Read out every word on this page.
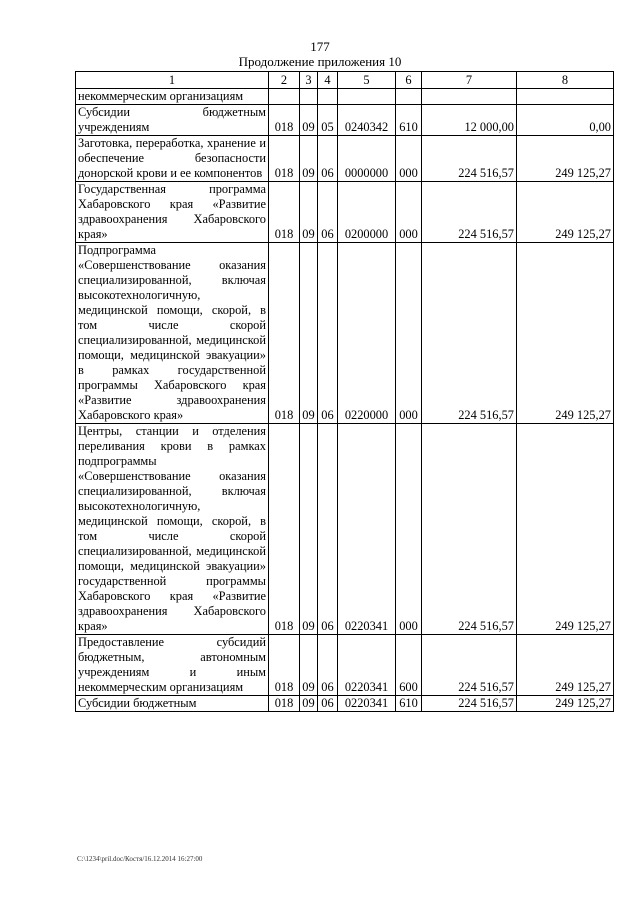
177
Продолжение приложения 10
1	2	3	4	5	6	7	8
некоммерческим организациям							
Субсидии бюджетным учреждениям	018	09	05	0240342	610	12 000,00	0,00
Заготовка, переработка, хранение и обеспечение безопасности донорской крови и ее компонентов	018	09	06	0000000	000	224 516,57	249 125,27
Государственная программа Хабаровского края «Развитие здравоохранения Хабаровского края»	018	09	06	0200000	000	224 516,57	249 125,27
Подпрограмма «Совершенствование оказания специализированной, включая высокотехнологичную, медицинской помощи, скорой, в том числе скорой специализированной, медицинской помощи, медицинской эвакуации» в рамках государственной программы Хабаровского края «Развитие здравоохранения Хабаровского края»	018	09	06	0220000	000	224 516,57	249 125,27
Центры, станции и отделения переливания крови в рамках подпрограммы «Совершенствование оказания специализированной, включая высокотехнологичную, медицинской помощи, скорой, в том числе скорой специализированной, медицинской помощи, медицинской эвакуации» государственной программы Хабаровского края «Развитие здравоохранения Хабаровского края»	018	09	06	0220341	000	224 516,57	249 125,27
Предоставление субсидий бюджетным, автономным учреждениям и иным некоммерческим организациям	018	09	06	0220341	600	224 516,57	249 125,27
Субсидии бюджетным	018	09	06	0220341	610	224 516,57	249 125,27
C:\1234\pril.doc/Костя/16.12.2014 16:27:00
